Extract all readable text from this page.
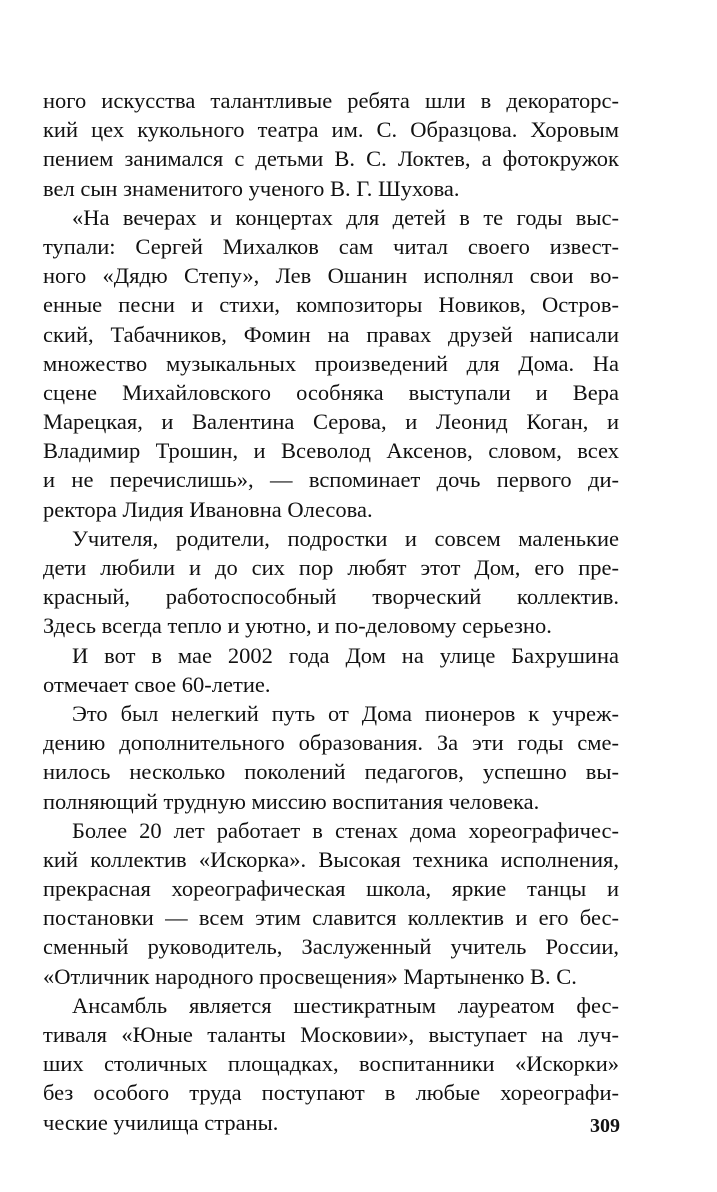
ного искусства талантливые ребята шли в декораторс-
кий цех кукольного театра им. С. Образцова. Хоровым
пением занимался с детьми В. С. Локтев, а фотокружок
вел сын знаменитого ученого В. Г. Шухова.
«На вечерах и концертах для детей в те годы выс-
тупали: Сергей Михалков сам читал своего извест-
ного «Дядю Степу», Лев Ошанин исполнял свои во-
енные песни и стихи, композиторы Новиков, Остров-
ский, Табачников, Фомин на правах друзей написали
множество музыкальных произведений для Дома. На
сцене Михайловского особняка выступали и Вера
Марецкая, и Валентина Серова, и Леонид Коган, и
Владимир Трошин, и Всеволод Аксенов, словом, всех
и не перечислишь», — вспоминает дочь первого ди-
ректора Лидия Ивановна Олесова.
Учителя, родители, подростки и совсем маленькие
дети любили и до сих пор любят этот Дом, его пре-
красный, работоспособный творческий коллектив.
Здесь всегда тепло и уютно, и по-деловому серьезно.
И вот в мае 2002 года Дом на улице Бахрушина
отмечает свое 60-летие.
Это был нелегкий путь от Дома пионеров к учреж-
дению дополнительного образования. За эти годы сме-
нилось несколько поколений педагогов, успешно вы-
полняющий трудную миссию воспитания человека.
Более 20 лет работает в стенах дома хореографичес-
кий коллектив «Искорка». Высокая техника исполнения,
прекрасная хореографическая школа, яркие танцы и
постановки — всем этим славится коллектив и его бес-
сменный руководитель, Заслуженный учитель России,
«Отличник народного просвещения» Мартыненко В. С.
Ансамбль является шестикратным лауреатом фес-
тиваля «Юные таланты Московии», выступает на луч-
ших столичных площадках, воспитанники «Искорки»
без особого труда поступают в любые хореографи-
ческие училища страны.	309
